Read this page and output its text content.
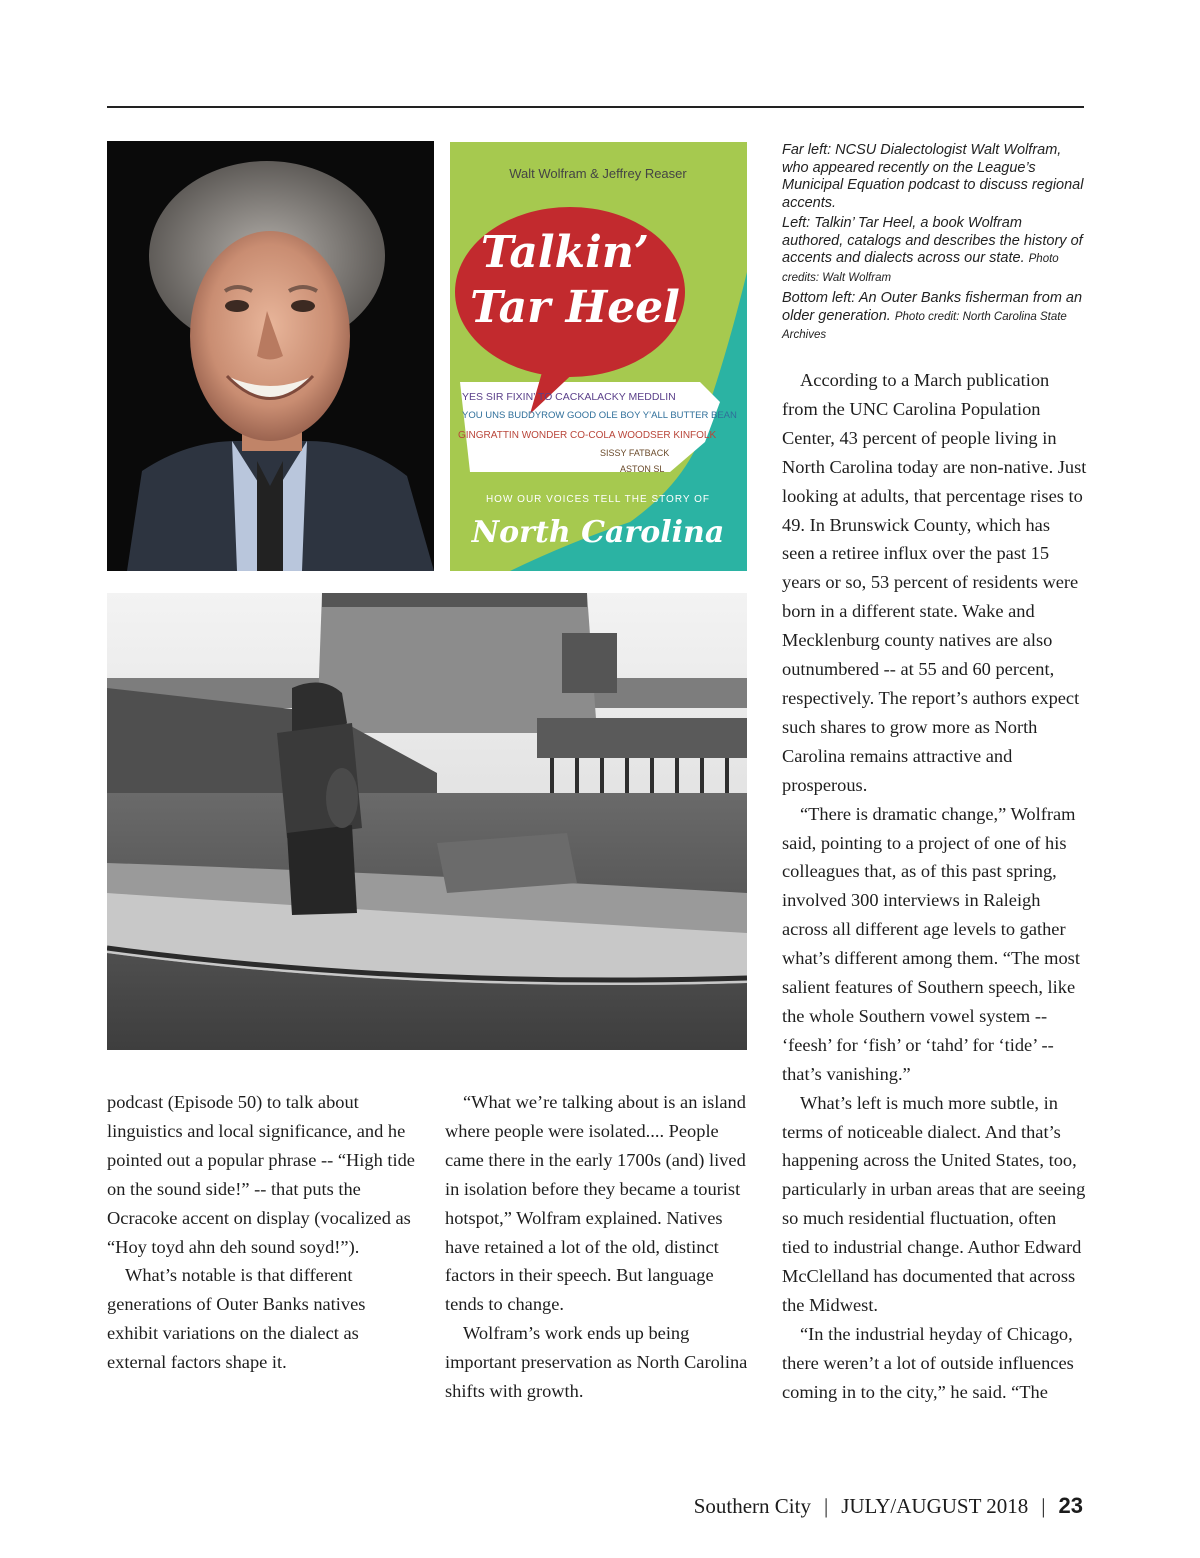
Walt Wolfram & Jeffrey Reaser
Talkin’
Tar Heel
YES SIR FIXIN’ TO CACKALACKY MEDDLIN
YOU UNS BUDDYROW GOOD OLE BOY Y’ALL BUTTER BEAN
GINGRATTIN WONDER CO-COLA WOODSER KINFOLK
SISSY FATBACK
ASTON SL
HOW OUR VOICES TELL THE STORY OF
North Carolina

Far left: NCSU Dialectologist Walt Wolfram, who appeared recently on the League’s Municipal Equation podcast to discuss regional accents.

Left: Talkin’ Tar Heel, a book Wolfram authored, catalogs and describes the history of accents and dialects across our state. Photo credits: Walt Wolfram

Bottom left: An Outer Banks fisherman from an older generation. Photo credit: North Carolina State Archives

According to a March publication from the UNC Carolina Population Center, 43 percent of people living in North Carolina today are non-native. Just looking at adults, that percentage rises to 49. In Brunswick County, which has seen a retiree influx over the past 15 years or so, 53 percent of residents were born in a different state. Wake and Mecklenburg county natives are also outnumbered -- at 55 and 60 percent, respectively. The report’s authors expect such shares to grow more as North Carolina remains attractive and prosperous.

“There is dramatic change,” Wolfram said, pointing to a project of one of his colleagues that, as of this past spring, involved 300 interviews in Raleigh across all different age levels to gather what’s different among them. “The most salient features of Southern speech, like the whole Southern vowel system -- ‘feesh’ for ‘fish’ or ‘tahd’ for ‘tide’ -- that’s vanishing.”

What’s left is much more subtle, in terms of noticeable dialect. And that’s happening across the United States, too, particularly in urban areas that are seeing so much residential fluctuation, often tied to industrial change. Author Edward McClelland has documented that across the Midwest.

“In the industrial heyday of Chicago, there weren’t a lot of outside influences coming in to the city,” he said. “The

podcast (Episode 50) to talk about linguistics and local significance, and he pointed out a popular phrase -- “High tide on the sound side!” -- that puts the Ocracoke accent on display (vocalized as “Hoy toyd ahn deh sound soyd!”).

What’s notable is that different generations of Outer Banks natives exhibit variations on the dialect as external factors shape it.

“What we’re talking about is an island where people were isolated.... People came there in the early 1700s (and) lived in isolation before they became a tourist hotspot,” Wolfram explained. Natives have retained a lot of the old, distinct factors in their speech. But language tends to change.

Wolfram’s work ends up being important preservation as North Carolina shifts with growth.

Southern City | JULY/AUGUST 2018 | 23
